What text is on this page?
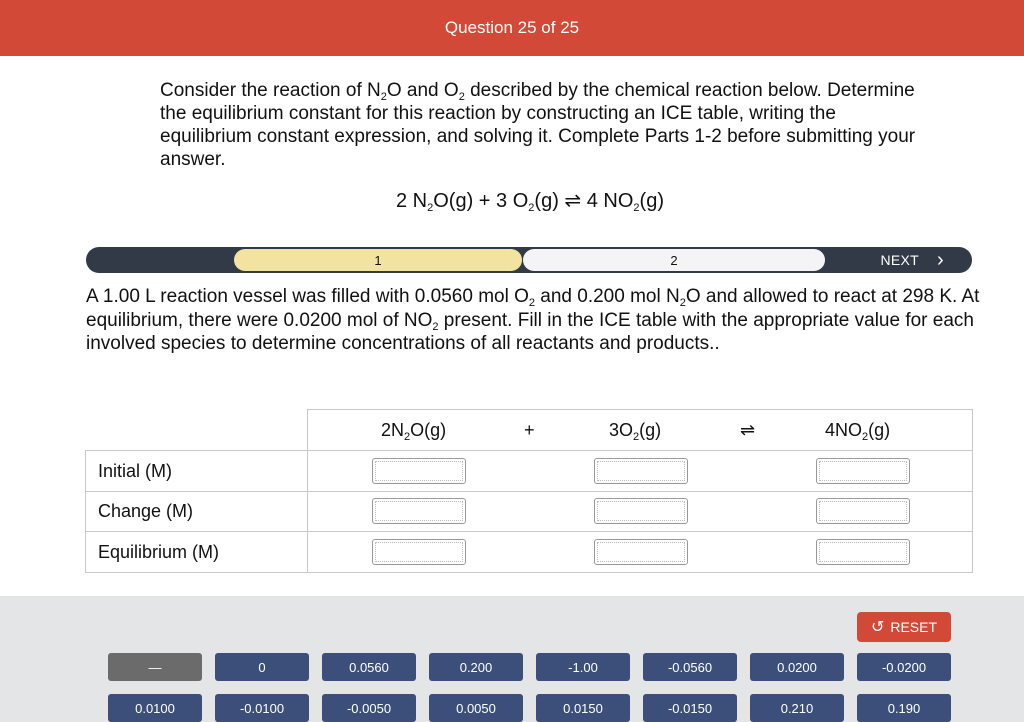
Question 25 of 25
Consider the reaction of $N_2O$ and $O_2$ described by the chemical reaction below. Determine the equilibrium constant for this reaction by constructing an ICE table, writing the equilibrium constant expression, and solving it. Complete Parts 1-2 before submitting your answer.
2 $N_2O(g) + 3$ $O_2(g)$ ⇌ 4 $NO_2(g)$
1	2	NEXT ›
A 1.00 L reaction vessel was filled with 0.0560 mol $O_2$ and 0.200 mol $N_2O$ and allowed to react at 298 K. At equilibrium, there were 0.0200 mol of $NO_2$ present. Fill in the ICE table with the appropriate value for each involved species to determine concentrations of all reactants and products..
$2N_2O(g)$	+	$3O_2(g)$	⇌	$4NO_2(g)$
Initial (M)
Change (M)
Equilibrium (M)
↺ RESET
—	0	0.0560	0.200	-1.00	-0.0560	0.0200	-0.0200
0.0100	-0.0100	-0.0050	0.0050	0.0150	-0.0150	0.210	0.190
